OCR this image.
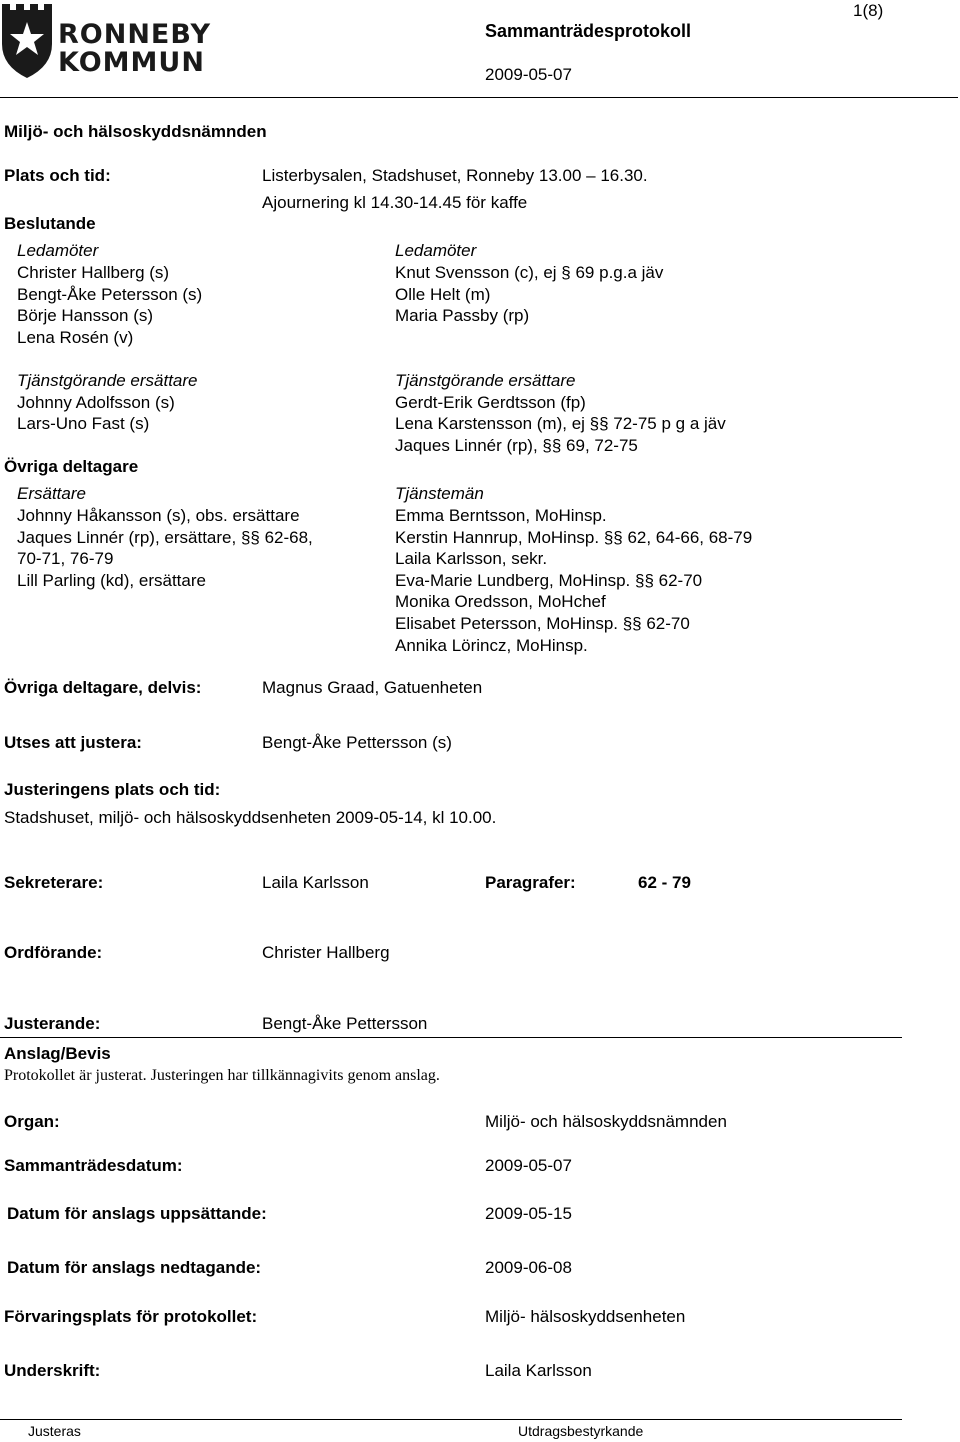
RONNEBY
KOMMUN
Sammanträdesprotokoll
2009-05-07
1(8)
Miljö- och hälsoskyddsnämnden
Plats och tid:	Listerbysalen, Stadshuset, Ronneby 13.00 – 16.30.
Ajournering kl 14.30-14.45 för kaffe
Beslutande
Ledamöter
Christer Hallberg (s)
Bengt-Åke Petersson (s)
Börje Hansson (s)
Lena Rosén (v)
Ledamöter
Knut Svensson (c), ej § 69 p.g.a jäv
Olle Helt (m)
Maria Passby (rp)
Tjänstgörande ersättare
Johnny Adolfsson (s)
Lars-Uno Fast (s)
Tjänstgörande ersättare
Gerdt-Erik Gerdtsson (fp)
Lena Karstensson (m), ej §§ 72-75 p g a jäv
Jaques Linnér (rp), §§ 69, 72-75
Övriga deltagare
Ersättare
Johnny Håkansson (s), obs. ersättare
Jaques Linnér (rp), ersättare, §§ 62-68,
70-71, 76-79
Lill Parling (kd), ersättare
Tjänstemän
Emma Berntsson, MoHinsp.
Kerstin Hannrup, MoHinsp. §§ 62, 64-66, 68-79
Laila Karlsson, sekr.
Eva-Marie Lundberg, MoHinsp. §§ 62-70
Monika Oredsson, MoHchef
Elisabet Petersson, MoHinsp. §§ 62-70
Annika Lörincz, MoHinsp.
Övriga deltagare, delvis:	Magnus Graad, Gatuenheten
Utses att justera:	Bengt-Åke Pettersson (s)
Justeringens plats och tid:
Stadshuset, miljö- och hälsoskyddsenheten 2009-05-14, kl 10.00.
Sekreterare:	Laila Karlsson	Paragrafer:	62 - 79
Ordförande:	Christer Hallberg
Justerande:	Bengt-Åke Pettersson
Anslag/Bevis
Protokollet är justerat. Justeringen har tillkännagivits genom anslag.
Organ:	Miljö- och hälsoskyddsnämnden
Sammanträdesdatum:	2009-05-07
Datum för anslags uppsättande:	2009-05-15
Datum för anslags nedtagande:	2009-06-08
Förvaringsplats för protokollet:	Miljö- hälsoskyddsenheten
Underskrift:	Laila Karlsson
Justeras	Utdragsbestyrkande
